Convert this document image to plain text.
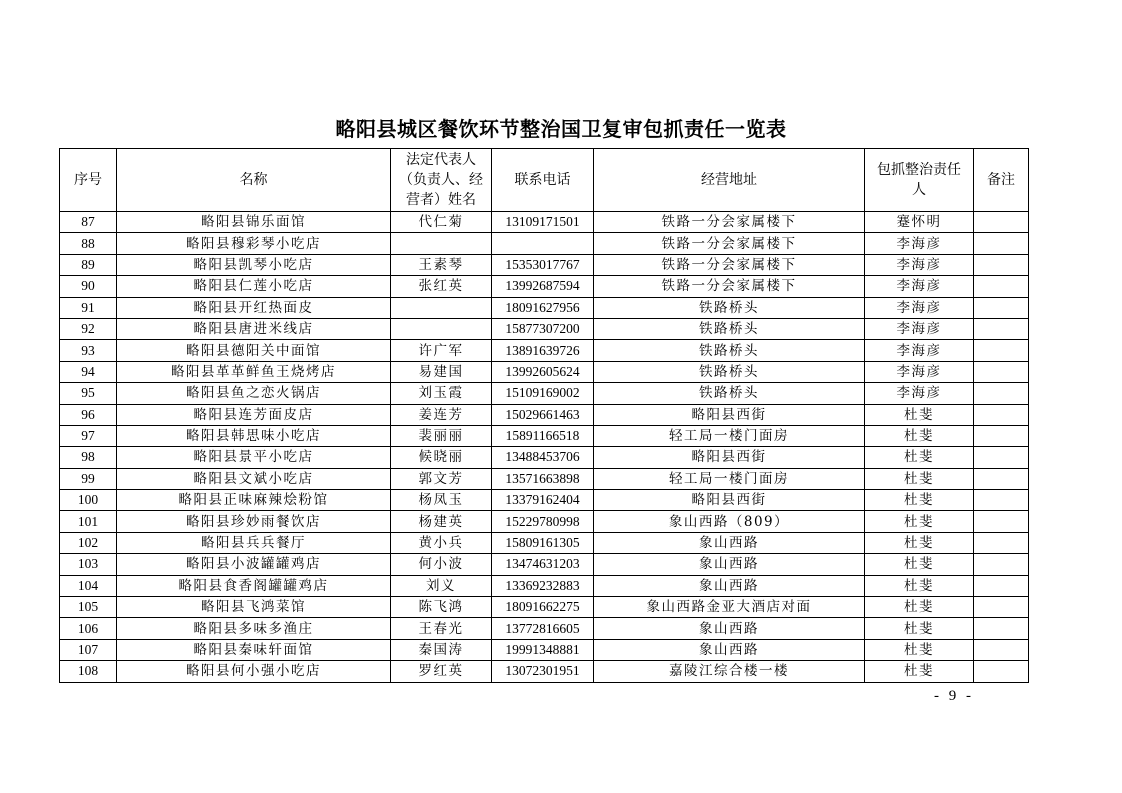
略阳县城区餐饮环节整治国卫复审包抓责任一览表
序号	名称	法定代表人（负责人、经营者）姓名	联系电话	经营地址	包抓整治责任人	备注
87	略阳县锦乐面馆	代仁菊	13109171501	铁路一分会家属楼下	蹇怀明	
88	略阳县穆彩琴小吃店			铁路一分会家属楼下	李海彦	
89	略阳县凯琴小吃店	王素琴	15353017767	铁路一分会家属楼下	李海彦	
90	略阳县仁莲小吃店	张红英	13992687594	铁路一分会家属楼下	李海彦	
91	略阳县开红热面皮		18091627956	铁路桥头	李海彦	
92	略阳县唐进米线店		15877307200	铁路桥头	李海彦	
93	略阳县德阳关中面馆	许广军	13891639726	铁路桥头	李海彦	
94	略阳县革革鲜鱼王烧烤店	易建国	13992605624	铁路桥头	李海彦	
95	略阳县鱼之恋火锅店	刘玉霞	15109169002	铁路桥头	李海彦	
96	略阳县连芳面皮店	姜连芳	15029661463	略阳县西街	杜斐	
97	略阳县韩思味小吃店	裴丽丽	15891166518	轻工局一楼门面房	杜斐	
98	略阳县景平小吃店	候晓丽	13488453706	略阳县西街	杜斐	
99	略阳县文斌小吃店	郭文芳	13571663898	轻工局一楼门面房	杜斐	
100	略阳县正味麻辣烩粉馆	杨凤玉	13379162404	略阳县西街	杜斐	
101	略阳县珍妙雨餐饮店	杨建英	15229780998	象山西路（809）	杜斐	
102	略阳县兵兵餐厅	黄小兵	15809161305	象山西路	杜斐	
103	略阳县小波罐罐鸡店	何小波	13474631203	象山西路	杜斐	
104	略阳县食香阁罐罐鸡店	刘义	13369232883	象山西路	杜斐	
105	略阳县飞鸿菜馆	陈飞鸿	18091662275	象山西路金亚大酒店对面	杜斐	
106	略阳县多味多渔庄	王春光	13772816605	象山西路	杜斐	
107	略阳县秦味轩面馆	秦国涛	19991348881	象山西路	杜斐	
108	略阳县何小强小吃店	罗红英	13072301951	嘉陵江综合楼一楼	杜斐	
- 9 -
